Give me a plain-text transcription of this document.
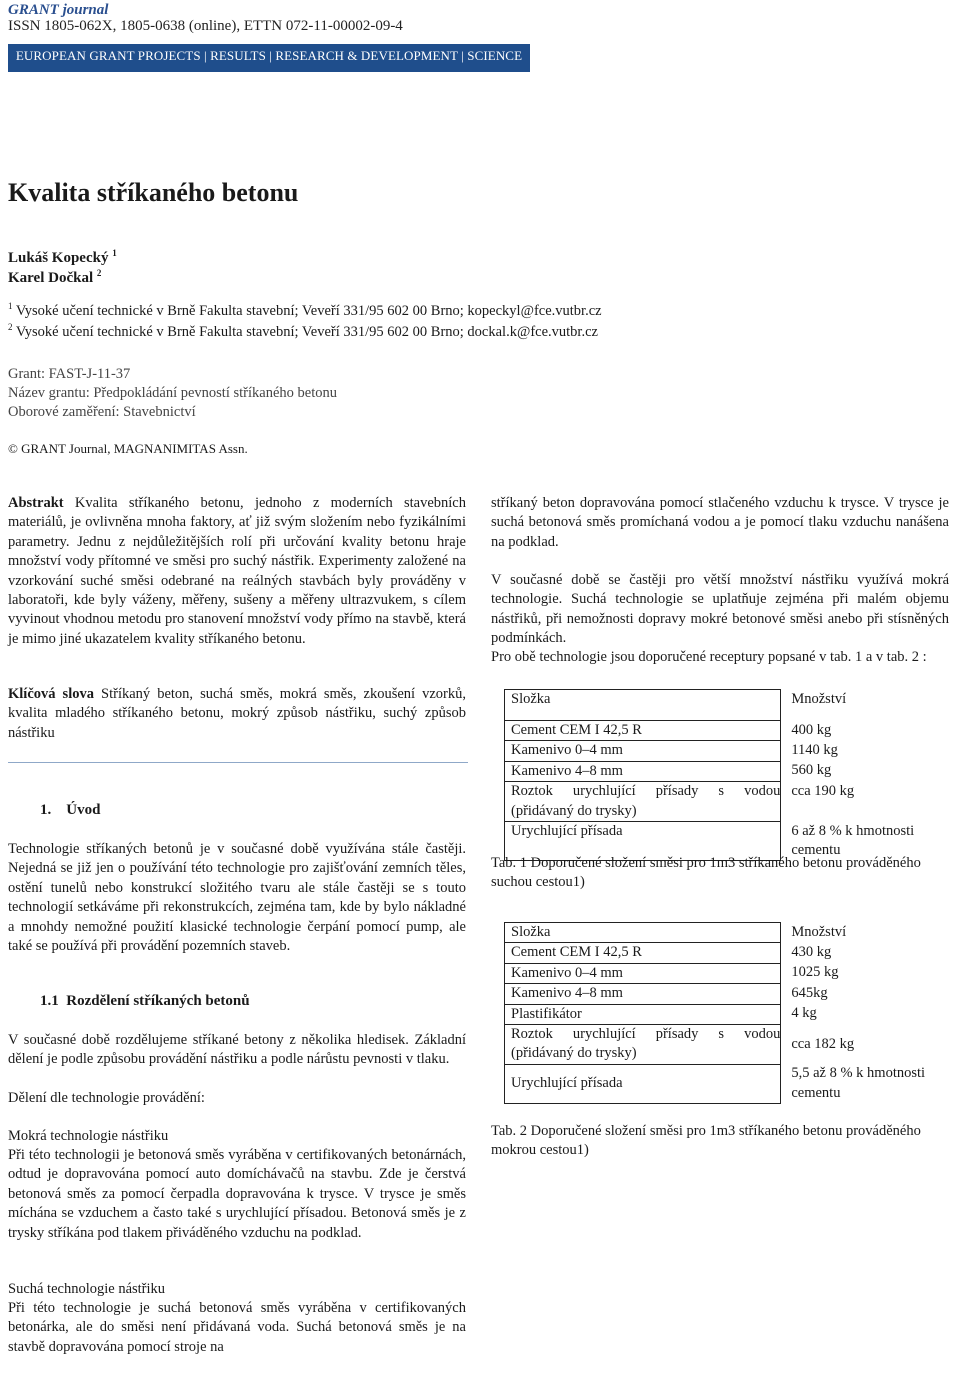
GRANT journal
ISSN 1805-062X, 1805-0638 (online), ETTN 072-11-00002-09-4
EUROPEAN GRANT PROJECTS | RESULTS | RESEARCH & DEVELOPMENT | SCIENCE
Kvalita stříkaného betonu
Lukáš Kopecký $^1$
Karel Dočkal $^2$
$^1$ Vysoké učení technické v Brně Fakulta stavební; Veveří 331/95 602 00 Brno; kopeckyl@fce.vutbr.cz
$^2$ Vysoké učení technické v Brně Fakulta stavební; Veveří 331/95 602 00 Brno; dockal.k@fce.vutbr.cz
Grant: FAST-J-11-37
Název grantu: Předpokládání pevností stříkaného betonu
Oborové zaměření: Stavebnictví
© GRANT Journal, MAGNANIMITAS Assn.
Abstrakt Kvalita stříkaného betonu, jednoho z moderních stavebních materiálů, je ovlivněna mnoha faktory, ať již svým složením nebo fyzikálními parametry. Jednu z nejdůležitějších rolí při určování kvality betonu hraje množství vody přítomné ve směsi pro suchý nástřik. Experimenty založené na vzorkování suché směsi odebrané na reálných stavbách byly prováděny v laboratoři, kde byly váženy, měřeny, sušeny a měřeny ultrazvukem, s cílem vyvinout vhodnou metodu pro stanovení množství vody přímo na stavbě, která je mimo jiné ukazatelem kvality stříkaného betonu.
Klíčová slova Stříkaný beton, suchá směs, mokrá směs, zkoušení vzorků, kvalita mladého stříkaného betonu, mokrý způsob nástřiku, suchý způsob nástřiku
1.    Úvod
Technologie stříkaných betonů je v současné době využívána stále častěji. Nejedná se již jen o používání této technologie pro zajišťování zemních těles, ostění tunelů nebo konstrukcí složitého tvaru ale stále častěji se s touto technologií setkáváme při rekonstrukcích, zejména tam, kde by bylo nákladné a mnohdy nemožné použití klasické technologie čerpání pomocí pump, ale také se používá při provádění pozemních staveb.
1.1  Rozdělení stříkaných betonů
V současné době rozdělujeme stříkané betony z několika hledisek. Základní dělení je podle způsobu provádění nástřiku a podle nárůstu pevnosti v tlaku.
Dělení dle technologie provádění:
Mokrá technologie nástřiku
Při této technologii je betonová směs vyráběna v certifikovaných betonárnách, odtud je dopravována pomocí auto domíchávačů na stavbu. Zde je čerstvá betonová směs za pomocí čerpadla dopravována k trysce. V trysce je směs míchána se vzduchem a často také s urychlující přísadou. Betonová směs je z trysky stříkána pod tlakem přiváděného vzduchu na podklad.
Suchá technologie nástřiku
Při této technologie je suchá betonová směs vyráběna v certifikovaných betonárka, ale do směsi není přidávaná voda. Suchá betonová směs je na stavbě dopravována pomocí stroje na
stříkaný beton dopravována pomocí stlačeného vzduchu k trysce. V trysce je suchá betonová směs promíchaná vodou a je pomocí tlaku vzduchu nanášena na podklad.
V současné době se častěji pro větší množství nástřiku využívá mokrá technologie. Suchá technologie se uplatňuje zejména při malém objemu nástřiků, při nemožnosti dopravy mokré betonové směsi anebo při stísněných podmínkách.
Pro obě technologie jsou doporučené receptury popsané v tab. 1 a v tab. 2 :
Složka	Množství
Cement CEM I 42,5 R	400 kg
Kamenivo 0–4 mm	1140 kg
Kamenivo 4–8 mm	560 kg
Roztok urychlující přísady s vodou (přidávaný do trysky)	cca 190 kg
Urychlující přísada	6 až 8 % k hmotnosti cementu
Tab. 1 Doporučené složení směsi pro 1m3 stříkaného betonu prováděného suchou cestou1)
Složka	Množství
Cement CEM I 42,5 R	430 kg
Kamenivo 0–4 mm	1025 kg
Kamenivo 4–8 mm	645kg
Plastifikátor	4 kg
Roztok urychlující přísady s vodou (přidávaný do trysky)	cca 182 kg
Urychlující přísada	5,5 až 8 % k hmotnosti cementu
Tab. 2 Doporučené složení směsi pro 1m3 stříkaného betonu prováděného mokrou cestou1)
